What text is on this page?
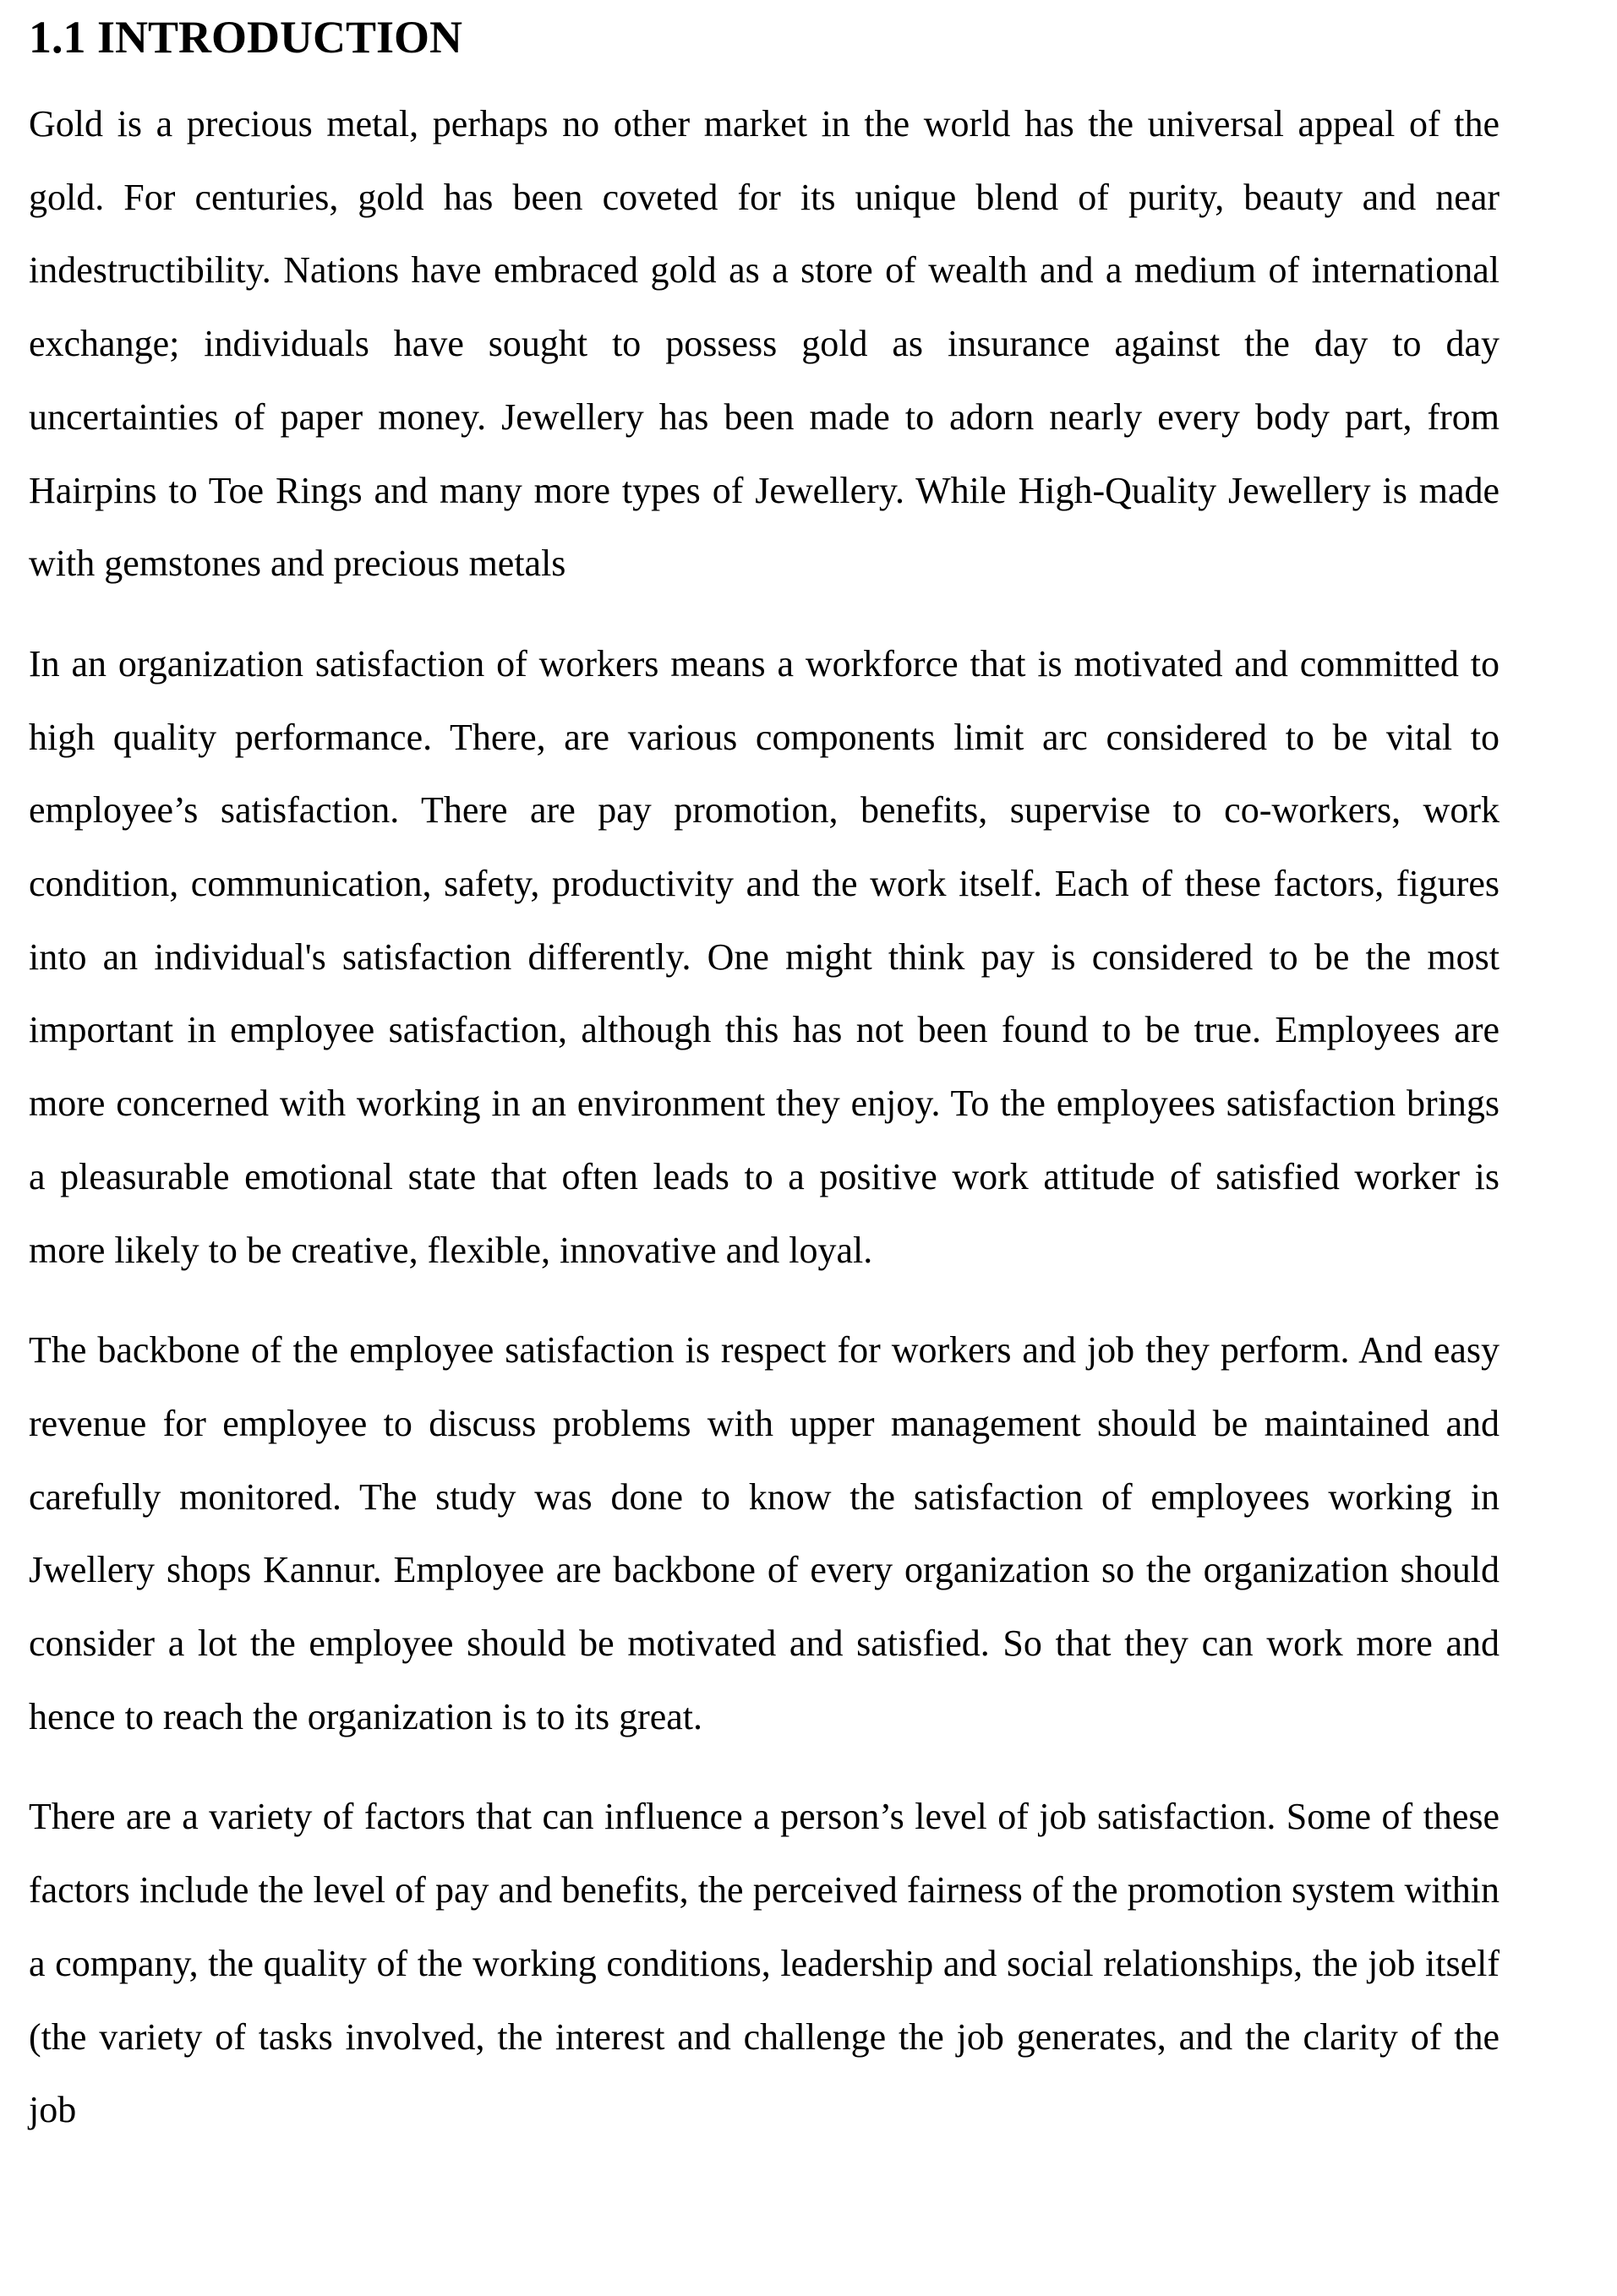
1.1 INTRODUCTION

Gold is a precious metal, perhaps no other market in the world has the universal appeal of the gold. For centuries, gold has been coveted for its unique blend of purity, beauty and near indestructibility. Nations have embraced gold as a store of wealth and a medium of international exchange; individuals have sought to possess gold as insurance against the day to day uncertainties of paper money. Jewellery has been made to adorn nearly every body part, from Hairpins to Toe Rings and many more types of Jewellery. While High-Quality Jewellery is made with gemstones and precious metals

In an organization satisfaction of workers means a workforce that is motivated and committed to high quality performance. There, are various components limit arc considered to be vital to employee’s satisfaction. There are pay promotion, benefits, supervise to co-workers, work condition, communication, safety, productivity and the work itself. Each of these factors, figures into an individual's satisfaction differently. One might think pay is considered to be the most important in employee satisfaction, although this has not been found to be true. Employees are more concerned with working in an environment they enjoy. To the employees satisfaction brings a pleasurable emotional state that often leads to a positive work attitude of satisfied worker is more likely to be creative, flexible, innovative and loyal.

The backbone of the employee satisfaction is respect for workers and job they perform. And easy revenue for employee to discuss problems with upper management should be maintained and carefully monitored. The study was done to know the satisfaction of employees working in Jwellery shops Kannur. Employee are backbone of every organization so the organization should consider a lot the employee should be motivated and satisfied. So that they can work more and hence to reach the organization is to its great.

There are a variety of factors that can influence a person’s level of job satisfaction. Some of these factors include the level of pay and benefits, the perceived fairness of the promotion system within a company, the quality of the working conditions, leadership and social relationships, the job itself (the variety of tasks involved, the interest and challenge the job generates, and the clarity of the job
